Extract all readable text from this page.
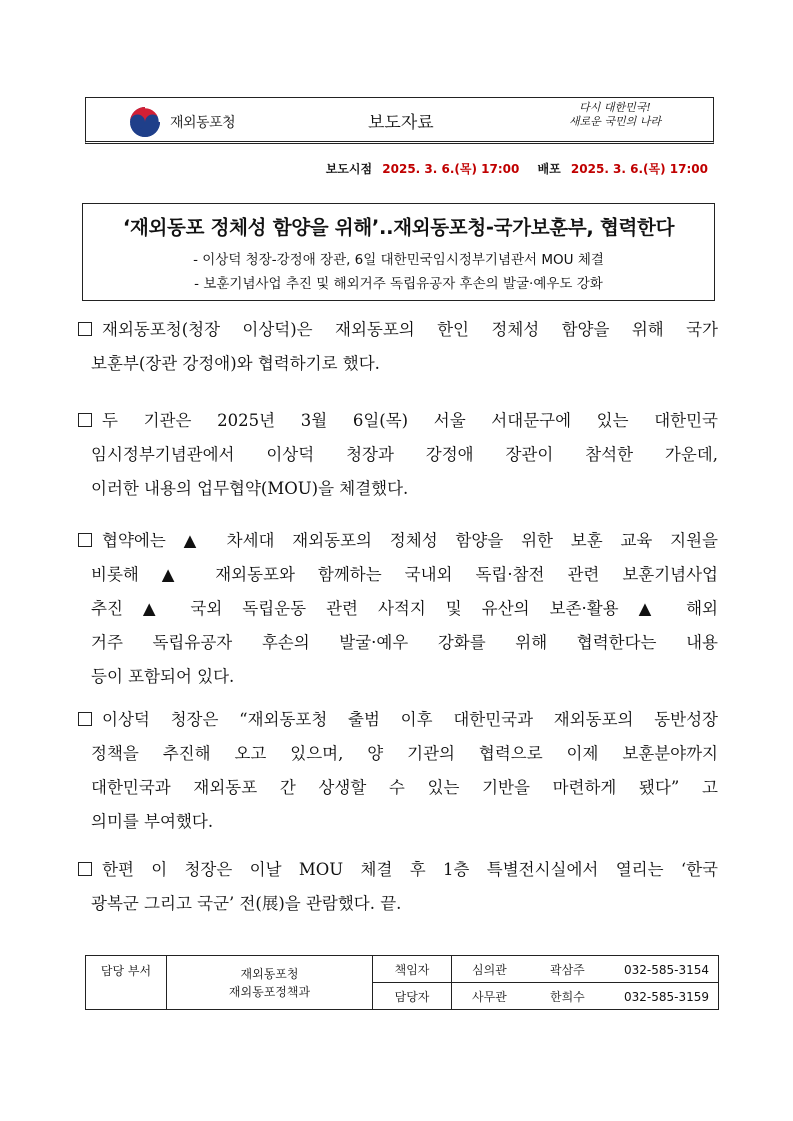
재외동포청	보도자료
다시 대한민국!
새로운 국민의 나라
보도시점 2025. 3. 6.(목) 17:00 배포 2025. 3. 6.(목) 17:00
‘재외동포 정체성 함양을 위해’..재외동포청-국가보훈부, 협력한다
- 이상덕 청장-강정애 장관, 6일 대한민국임시정부기념관서 MOU 체결
- 보훈기념사업 추진 및 해외거주 독립유공자 후손의 발굴·예우도 강화
재외동포청(청장 이상덕)은 재외동포의 한인 정체성 함양을 위해 국가
보훈부(장관 강정애)와 협력하기로 했다.
두 기관은 2025년 3월 6일(목) 서울 서대문구에 있는 대한민국
임시정부기념관에서 이상덕 청장과 강정애 장관이 참석한 가운데,
이러한 내용의 업무협약(MOU)을 체결했다.
협약에는 ▲ 차세대 재외동포의 정체성 함양을 위한 보훈 교육 지원을
비롯해 ▲ 재외동포와 함께하는 국내외 독립·참전 관련 보훈기념사업
추진 ▲ 국외 독립운동 관련 사적지 및 유산의 보존·활용 ▲ 해외
거주 독립유공자 후손의 발굴·예우 강화를 위해 협력한다는 내용
등이 포함되어 있다.
이상덕 청장은 “재외동포청 출범 이후 대한민국과 재외동포의 동반성장
정책을 추진해 오고 있으며, 양 기관의 협력으로 이제 보훈분야까지
대한민국과 재외동포 간 상생할 수 있는 기반을 마련하게 됐다” 고
의미를 부여했다.
한편 이 청장은 이날 MOU 체결 후 1층 특별전시실에서 열리는 ‘한국
광복군 그리고 국군’ 전(展)을 관람했다. 끝.
담당 부서	재외동포청
재외동포정책과	책임자	심의관 곽삼주 032-585-3154
		담당자	사무관 한희수 032-585-3159
